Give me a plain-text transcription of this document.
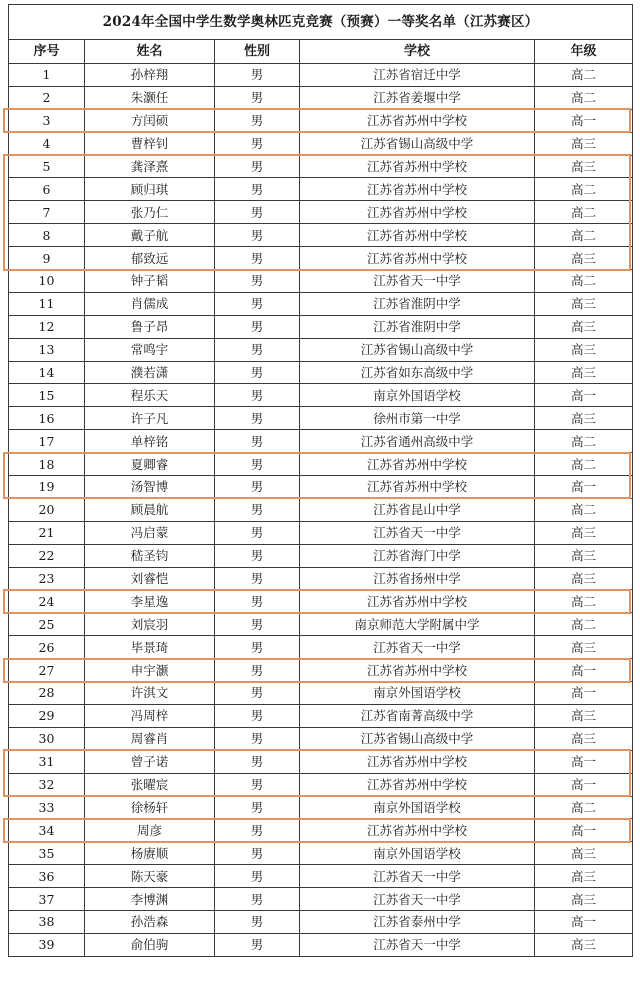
2024年全国中学生数学奥林匹克竞赛（预赛）一等奖名单（江苏赛区）				
序号	姓名	性别	学校	年级
1	孙梓翔	男	江苏省宿迁中学	高二
2	朱灏任	男	江苏省姜堰中学	高二
3	方闰硕	男	江苏省苏州中学校	高一
4	曹梓钊	男	江苏省锡山高级中学	高三
5	龚泽熹	男	江苏省苏州中学校	高三
6	顾归琪	男	江苏省苏州中学校	高二
7	张乃仁	男	江苏省苏州中学校	高二
8	戴子航	男	江苏省苏州中学校	高二
9	郁致远	男	江苏省苏州中学校	高三
10	钟子韬	男	江苏省天一中学	高二
11	肖儒成	男	江苏省淮阴中学	高三
12	鲁子昂	男	江苏省淮阴中学	高三
13	常鸣宇	男	江苏省锡山高级中学	高三
14	濮若潇	男	江苏省如东高级中学	高三
15	程乐天	男	南京外国语学校	高一
16	许子凡	男	徐州市第一中学	高三
17	单梓铭	男	江苏省通州高级中学	高二
18	夏卿睿	男	江苏省苏州中学校	高二
19	汤智博	男	江苏省苏州中学校	高一
20	顾晨航	男	江苏省昆山中学	高二
21	冯启蒙	男	江苏省天一中学	高三
22	嵇圣钧	男	江苏省海门中学	高三
23	刘睿恺	男	江苏省扬州中学	高三
24	李星逸	男	江苏省苏州中学校	高二
25	刘宸羽	男	南京师范大学附属中学	高二
26	毕景琦	男	江苏省天一中学	高三
27	申宇灏	男	江苏省苏州中学校	高一
28	许淇文	男	南京外国语学校	高一
29	冯周梓	男	江苏省南菁高级中学	高三
30	周睿肖	男	江苏省锡山高级中学	高三
31	曾子诺	男	江苏省苏州中学校	高一
32	张曜宸	男	江苏省苏州中学校	高一
33	徐杨轩	男	南京外国语学校	高二
34	周彦	男	江苏省苏州中学校	高一
35	杨赓顺	男	南京外国语学校	高三
36	陈天豪	男	江苏省天一中学	高三
37	李博渊	男	江苏省天一中学	高三
38	孙浩森	男	江苏省泰州中学	高一
39	俞伯驹	男	江苏省天一中学	高三
